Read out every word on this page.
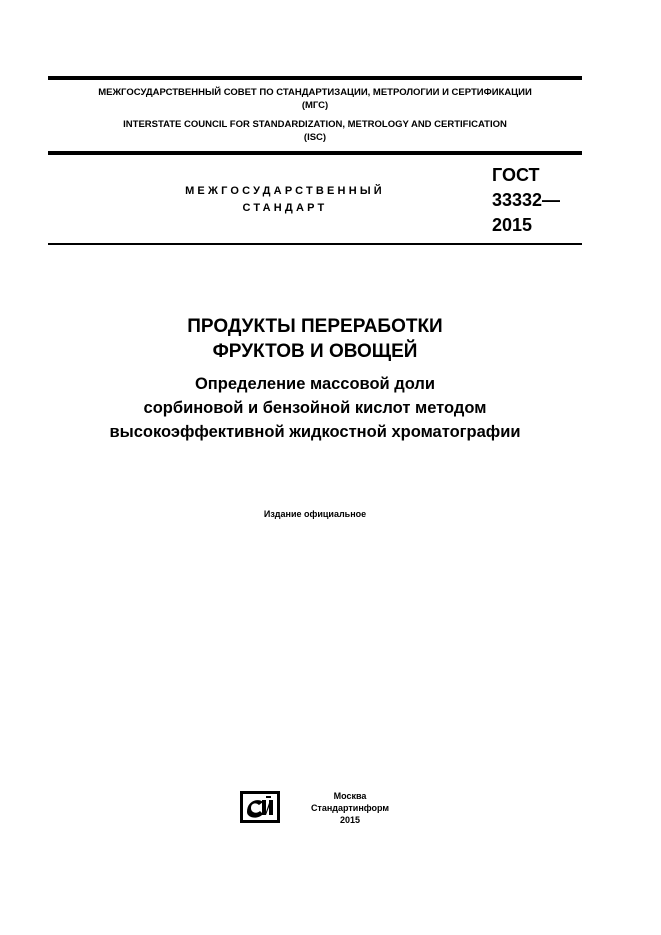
МЕЖГОСУДАРСТВЕННЫЙ СОВЕТ ПО СТАНДАРТИЗАЦИИ, МЕТРОЛОГИИ И СЕРТИФИКАЦИИ
(МГС)
INTERSTATE COUNCIL FOR STANDARDIZATION, METROLOGY AND CERTIFICATION
(ISC)
МЕЖГОСУДАРСТВЕННЫЙ
СТАНДАРТ
ГОСТ
33332—
2015
ПРОДУКТЫ ПЕРЕРАБОТКИ
ФРУКТОВ И ОВОЩЕЙ
Определение массовой доли
сорбиновой и бензойной кислот методом
высокоэффективной жидкостной хроматографии
Издание официальное
Москва
Стандартинформ
2015
